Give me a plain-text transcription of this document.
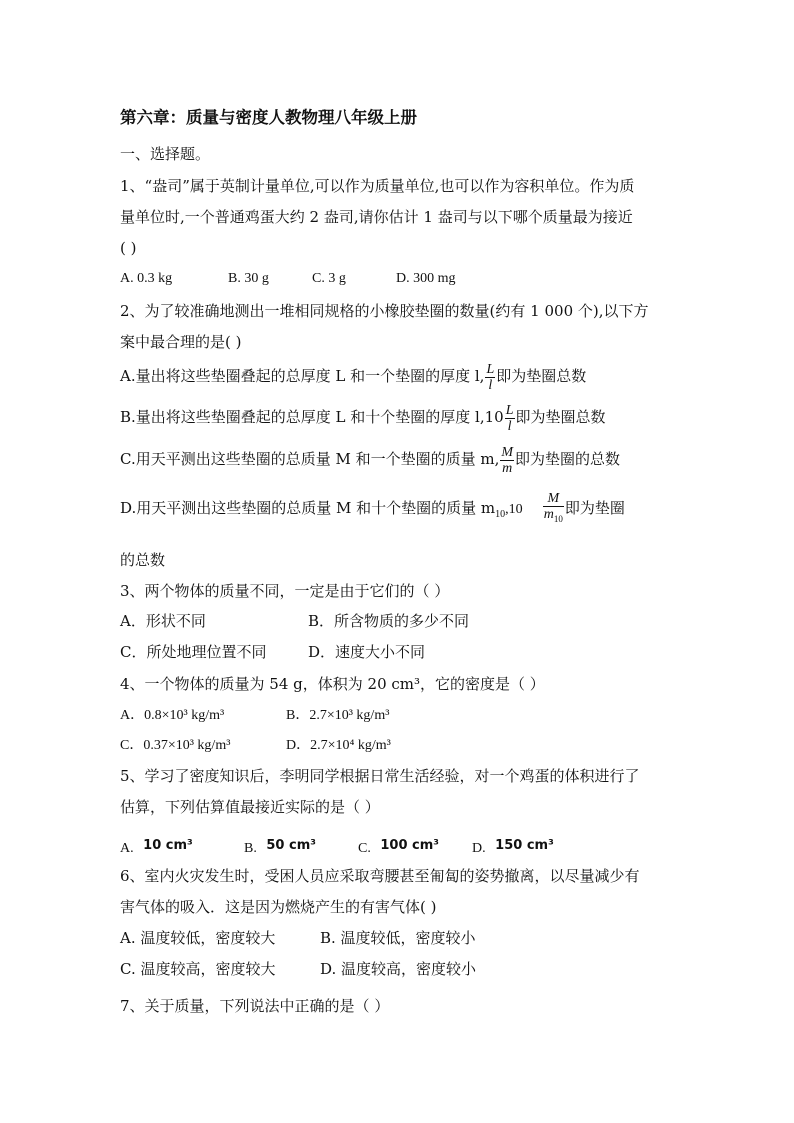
第六章：质量与密度人教物理八年级上册
一、选择题。
1、“盎司”属于英制计量单位,可以作为质量单位,也可以作为容积单位。作为质
量单位时,一个普通鸡蛋大约 2 盎司,请你估计 1 盎司与以下哪个质量最为接近
( )
A. 0.3 kg	B. 30 g	C. 3 g	D. 300 mg
2、为了较准确地测出一堆相同规格的小橡胶垫圈的数量(约有 1 000 个),以下方
案中最合理的是( )
A.量出将这些垫圈叠起的总厚度 L 和一个垫圈的厚度 l, $\frac{L}{l}$ 即为垫圈总数
B.量出将这些垫圈叠起的总厚度 L 和十个垫圈的厚度 $l,10 \frac{L}{l}$ 即为垫圈总数
C.用天平测出这些垫圈的总质量 M 和一个垫圈的质量 m, $\frac{M}{m}$ 即为垫圈的总数
D.用天平测出这些垫圈的总质量 M 和十个垫圈的质量 $m_{10},10 \frac{M}{m_{10}}$ 即为垫圈
的总数
3、两个物体的质量不同，一定是由于它们的（ ）
A．形状不同	B．所含物质的多少不同
C．所处地理位置不同	D．速度大小不同
4、一个物体的质量为 54 g，体积为 20 cm³，它的密度是（ ）
A．0.8×10³ kg/m³	B．2.7×10³ kg/m³
C．0.37×10³ kg/m³	D．2.7×10⁴ kg/m³
5、学习了密度知识后，李明同学根据日常生活经验，对一个鸡蛋的体积进行了
估算，下列估算值最接近实际的是（ ）
A. 10 cm³	B. 50 cm³	C. 100 cm³ D. 150 cm³
6、室内火灾发生时，受困人员应采取弯腰甚至匍匐的姿势撤离，以尽量减少有
害气体的吸入．这是因为燃烧产生的有害气体( )
A. 温度较低，密度较大	B. 温度较低，密度较小
C. 温度较高，密度较大	D. 温度较高，密度较小
7、关于质量，下列说法中正确的是（ ）
